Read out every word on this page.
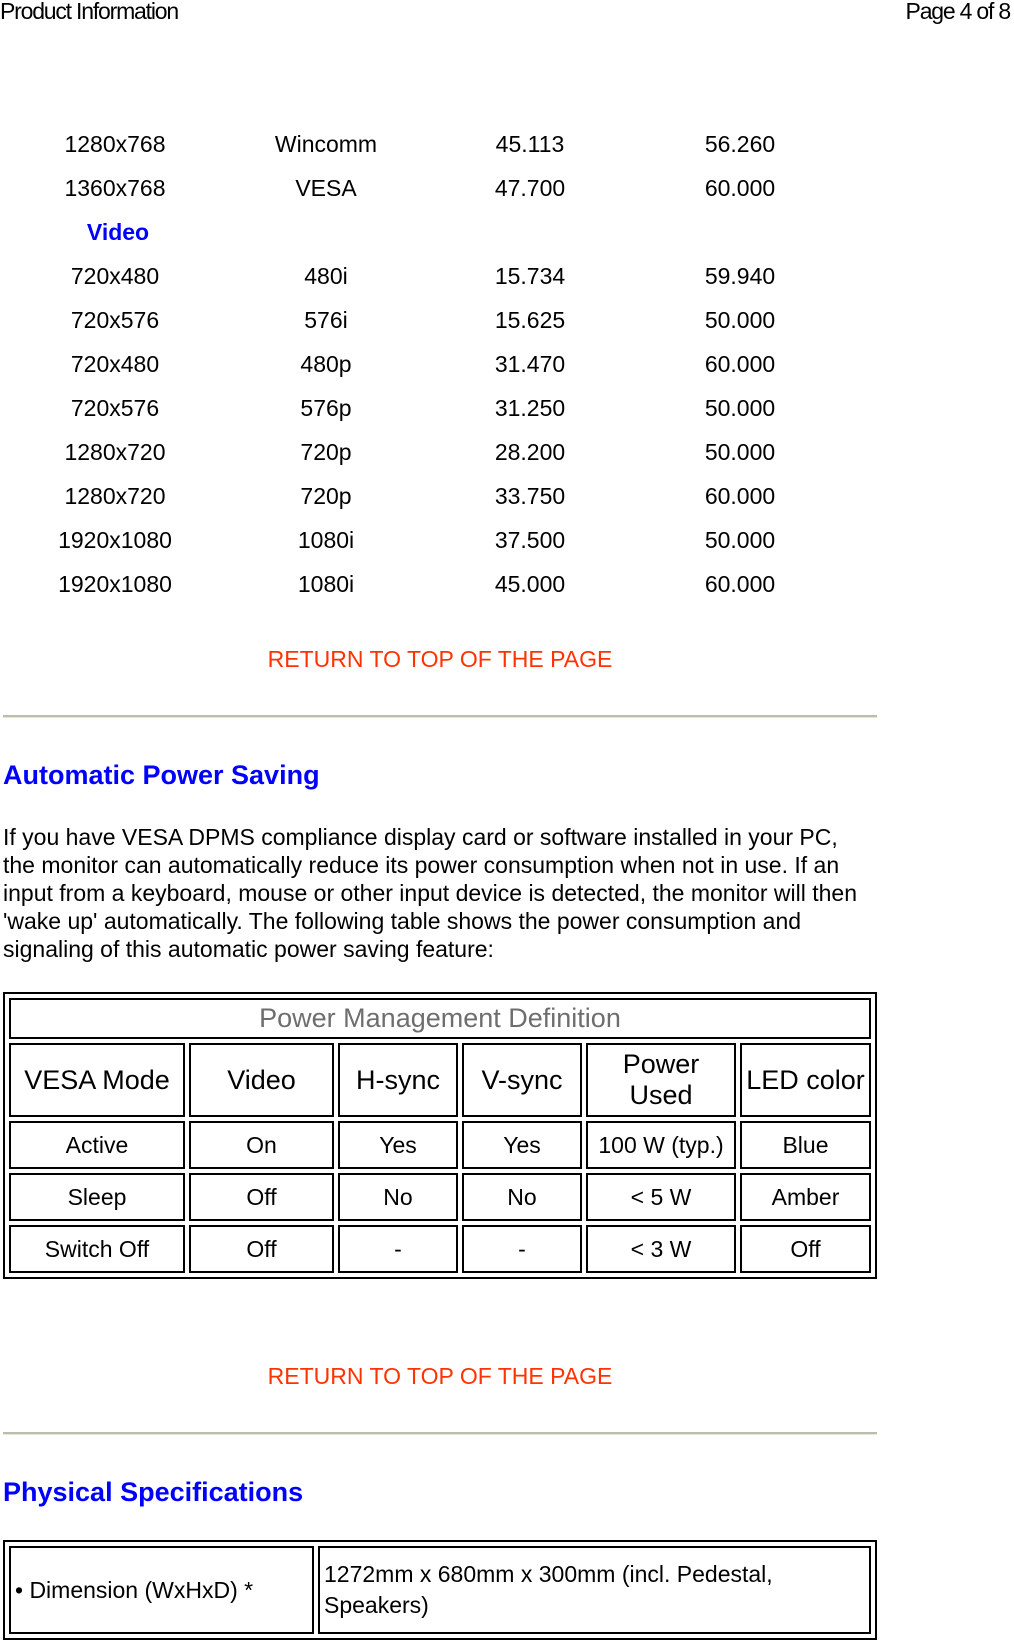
Product Information	Page 4 of 8
1280x768	Wincomm	45.113	56.260
1360x768	VESA	47.700	60.000
Video
720x480	480i	15.734	59.940
720x576	576i	15.625	50.000
720x480	480p	31.470	60.000
720x576	576p	31.250	50.000
1280x720	720p	28.200	50.000
1280x720	720p	33.750	60.000
1920x1080	1080i	37.500	50.000
1920x1080	1080i	45.000	60.000
RETURN TO TOP OF THE PAGE
Automatic Power Saving

If you have VESA DPMS compliance display card or software installed in your PC, the monitor can automatically reduce its power consumption when not in use. If an input from a keyboard, mouse or other input device is detected, the monitor will then 'wake up' automatically. The following table shows the power consumption and signaling of this automatic power saving feature:

Power Management Definition					
VESA Mode	Video	H-sync	V-sync	Power Used	LED color
Active	On	Yes	Yes	100 W (typ.)	Blue
Sleep	Off	No	No	< 5 W	Amber
Switch Off	Off	-	-	< 3 W	Off
RETURN TO TOP OF THE PAGE
Physical Specifications
• Dimension (WxHxD) *	1272mm x 680mm x 300mm (incl. Pedestal, Speakers)
